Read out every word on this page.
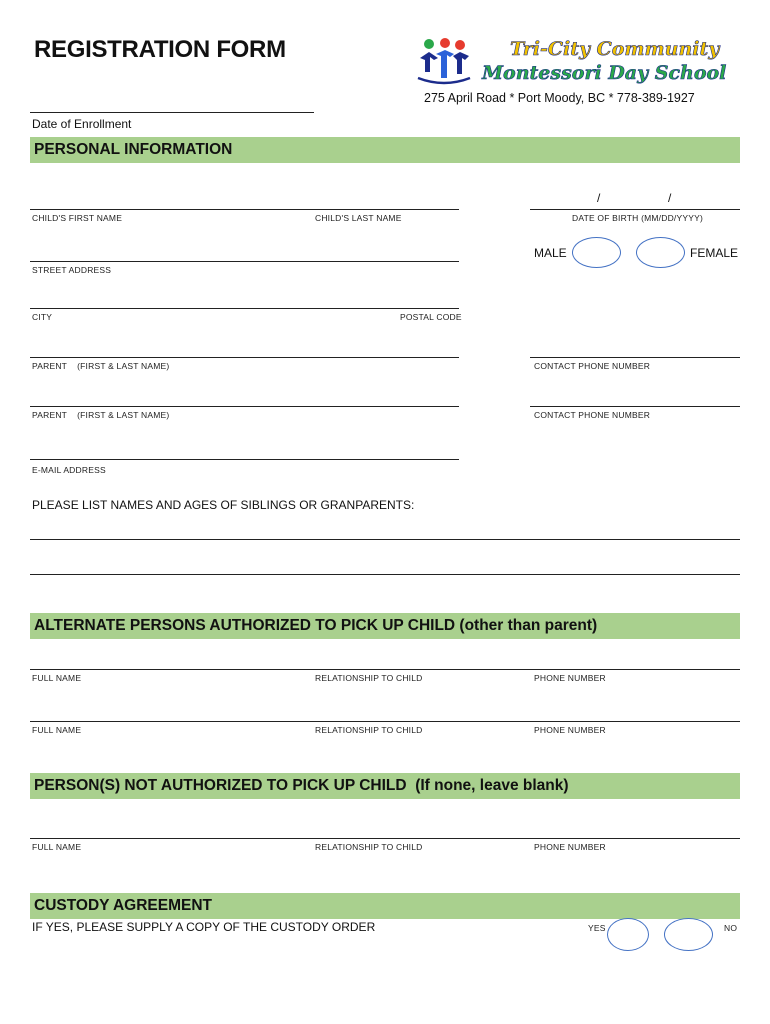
REGISTRATION FORM	Tri-City Community
Montessori Day School
275 April Road * Port Moody, BC * 778-389-1927
Date of Enrollment
PERSONAL INFORMATION
/	/
CHILD'S FIRST NAME	CHILD'S LAST NAME	DATE OF BIRTH (MM/DD/YYYY)
MALE	FEMALE
STREET ADDRESS
CITY	POSTAL CODE
PARENT    (FIRST & LAST NAME)	CONTACT PHONE NUMBER
PARENT    (FIRST & LAST NAME)	CONTACT PHONE NUMBER
E-MAIL ADDRESS
PLEASE LIST NAMES AND AGES OF SIBLINGS OR GRANPARENTS:
ALTERNATE PERSONS AUTHORIZED TO PICK UP CHILD (other than parent)
FULL NAME	RELATIONSHIP TO CHILD	PHONE NUMBER
FULL NAME	RELATIONSHIP TO CHILD	PHONE NUMBER
PERSON(S) NOT AUTHORIZED TO PICK UP CHILD  (If none, leave blank)
FULL NAME	RELATIONSHIP TO CHILD	PHONE NUMBER
CUSTODY AGREEMENT
IF YES, PLEASE SUPPLY A COPY OF THE CUSTODY ORDER	YES	NO
